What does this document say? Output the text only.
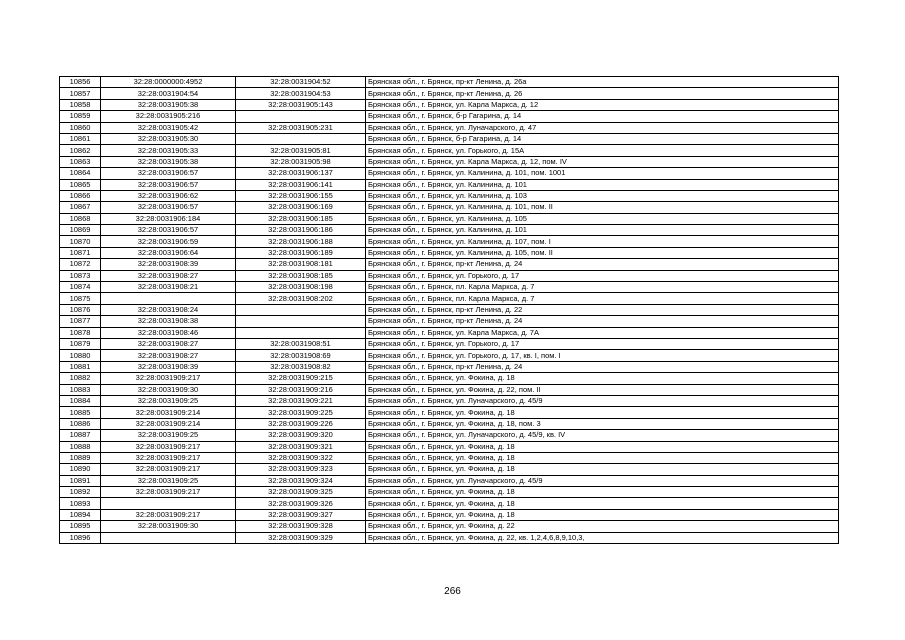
10856	32:28:0000000:4952	32:28:0031904:52	Брянская обл., г. Брянск, пр-кт Ленина, д. 26а
10857	32:28:0031904:54	32:28:0031904:53	Брянская обл., г. Брянск, пр-кт Ленина, д. 26
10858	32:28:0031905:38	32:28:0031905:143	Брянская обл., г. Брянск, ул. Карла Маркса, д. 12
10859	32:28:0031905:216		Брянская обл., г. Брянск, б-р Гагарина, д. 14
10860	32:28:0031905:42	32:28:0031905:231	Брянская обл., г. Брянск, ул. Луначарского, д. 47
10861	32:28:0031905:30		Брянская обл., г. Брянск, б-р Гагарина, д. 14
10862	32:28:0031905:33	32:28:0031905:81	Брянская обл., г. Брянск, ул. Горького, д. 15А
10863	32:28:0031905:38	32:28:0031905:98	Брянская обл., г. Брянск, ул. Карла Маркса, д. 12, пом. IV
10864	32:28:0031906:57	32:28:0031906:137	Брянская обл., г. Брянск, ул. Калинина, д. 101, пом. 1001
10865	32:28:0031906:57	32:28:0031906:141	Брянская обл., г. Брянск, ул. Калинина, д. 101
10866	32:28:0031906:62	32:28:0031906:155	Брянская обл., г. Брянск, ул. Калинина, д. 103
10867	32:28:0031906:57	32:28:0031906:169	Брянская обл., г. Брянск, ул. Калинина, д. 101, пом. II
10868	32:28:0031906:184	32:28:0031906:185	Брянская обл., г. Брянск, ул. Калинина, д. 105
10869	32:28:0031906:57	32:28:0031906:186	Брянская обл., г. Брянск, ул. Калинина, д. 101
10870	32:28:0031906:59	32:28:0031906:188	Брянская обл., г. Брянск, ул. Калинина, д. 107, пом. I
10871	32:28:0031906:64	32:28:0031906:189	Брянская обл., г. Брянск, ул. Калинина, д. 105, пом. II
10872	32:28:0031908:39	32:28:0031908:181	Брянская обл., г. Брянск, пр-кт Ленина, д. 24
10873	32:28:0031908:27	32:28:0031908:185	Брянская обл., г. Брянск, ул. Горького, д. 17
10874	32:28:0031908:21	32:28:0031908:198	Брянская обл., г. Брянск, пл. Карла Маркса, д. 7
10875		32:28:0031908:202	Брянская обл., г. Брянск, пл. Карла Маркса, д. 7
10876	32:28:0031908:24		Брянская обл., г. Брянск, пр-кт Ленина, д. 22
10877	32:28:0031908:38		Брянская обл., г. Брянск, пр-кт Ленина, д. 24
10878	32:28:0031908:46		Брянская обл., г. Брянск, ул. Карла Маркса, д. 7А
10879	32:28:0031908:27	32:28:0031908:51	Брянская обл., г. Брянск, ул. Горького, д. 17
10880	32:28:0031908:27	32:28:0031908:69	Брянская обл., г. Брянск, ул. Горького, д. 17, кв. I, пом. I
10881	32:28:0031908:39	32:28:0031908:82	Брянская обл., г. Брянск, пр-кт Ленина, д. 24
10882	32:28:0031909:217	32:28:0031909:215	Брянская обл., г. Брянск, ул. Фокина, д. 18
10883	32:28:0031909:30	32:28:0031909:216	Брянская обл., г. Брянск, ул. Фокина, д. 22, пом. II
10884	32:28:0031909:25	32:28:0031909:221	Брянская обл., г. Брянск, ул. Луначарского, д. 45/9
10885	32:28:0031909:214	32:28:0031909:225	Брянская обл., г. Брянск, ул. Фокина, д. 18
10886	32:28:0031909:214	32:28:0031909:226	Брянская обл., г. Брянск, ул. Фокина, д. 18, пом. 3
10887	32:28:0031909:25	32:28:0031909:320	Брянская обл., г. Брянск, ул. Луначарского, д. 45/9, кв. IV
10888	32:28:0031909:217	32:28:0031909:321	Брянская обл., г. Брянск, ул. Фокина, д. 18
10889	32:28:0031909:217	32:28:0031909:322	Брянская обл., г. Брянск, ул. Фокина, д. 18
10890	32:28:0031909:217	32:28:0031909:323	Брянская обл., г. Брянск, ул. Фокина, д. 18
10891	32:28:0031909:25	32:28:0031909:324	Брянская обл., г. Брянск, ул. Луначарского, д. 45/9
10892	32:28:0031909:217	32:28:0031909:325	Брянская обл., г. Брянск, ул. Фокина, д. 18
10893		32:28:0031909:326	Брянская обл., г. Брянск, ул. Фокина, д. 18
10894	32:28:0031909:217	32:28:0031909:327	Брянская обл., г. Брянск, ул. Фокина, д. 18
10895	32:28:0031909:30	32:28:0031909:328	Брянская обл., г. Брянск, ул. Фокина, д. 22
10896		32:28:0031909:329	Брянская обл., г. Брянск, ул. Фокина, д. 22, кв. 1,2,4,6,8,9,10,3,
266
